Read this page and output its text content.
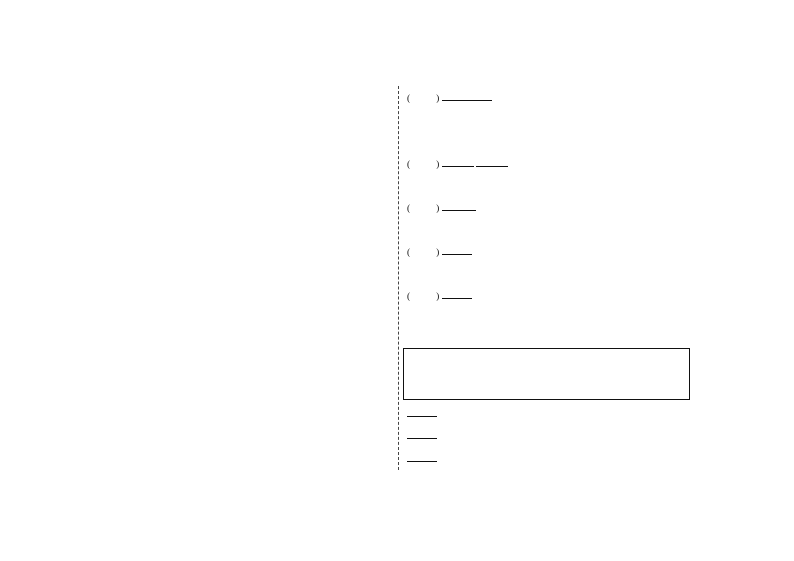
(	)
(	)
(	)
(	)
(	)
